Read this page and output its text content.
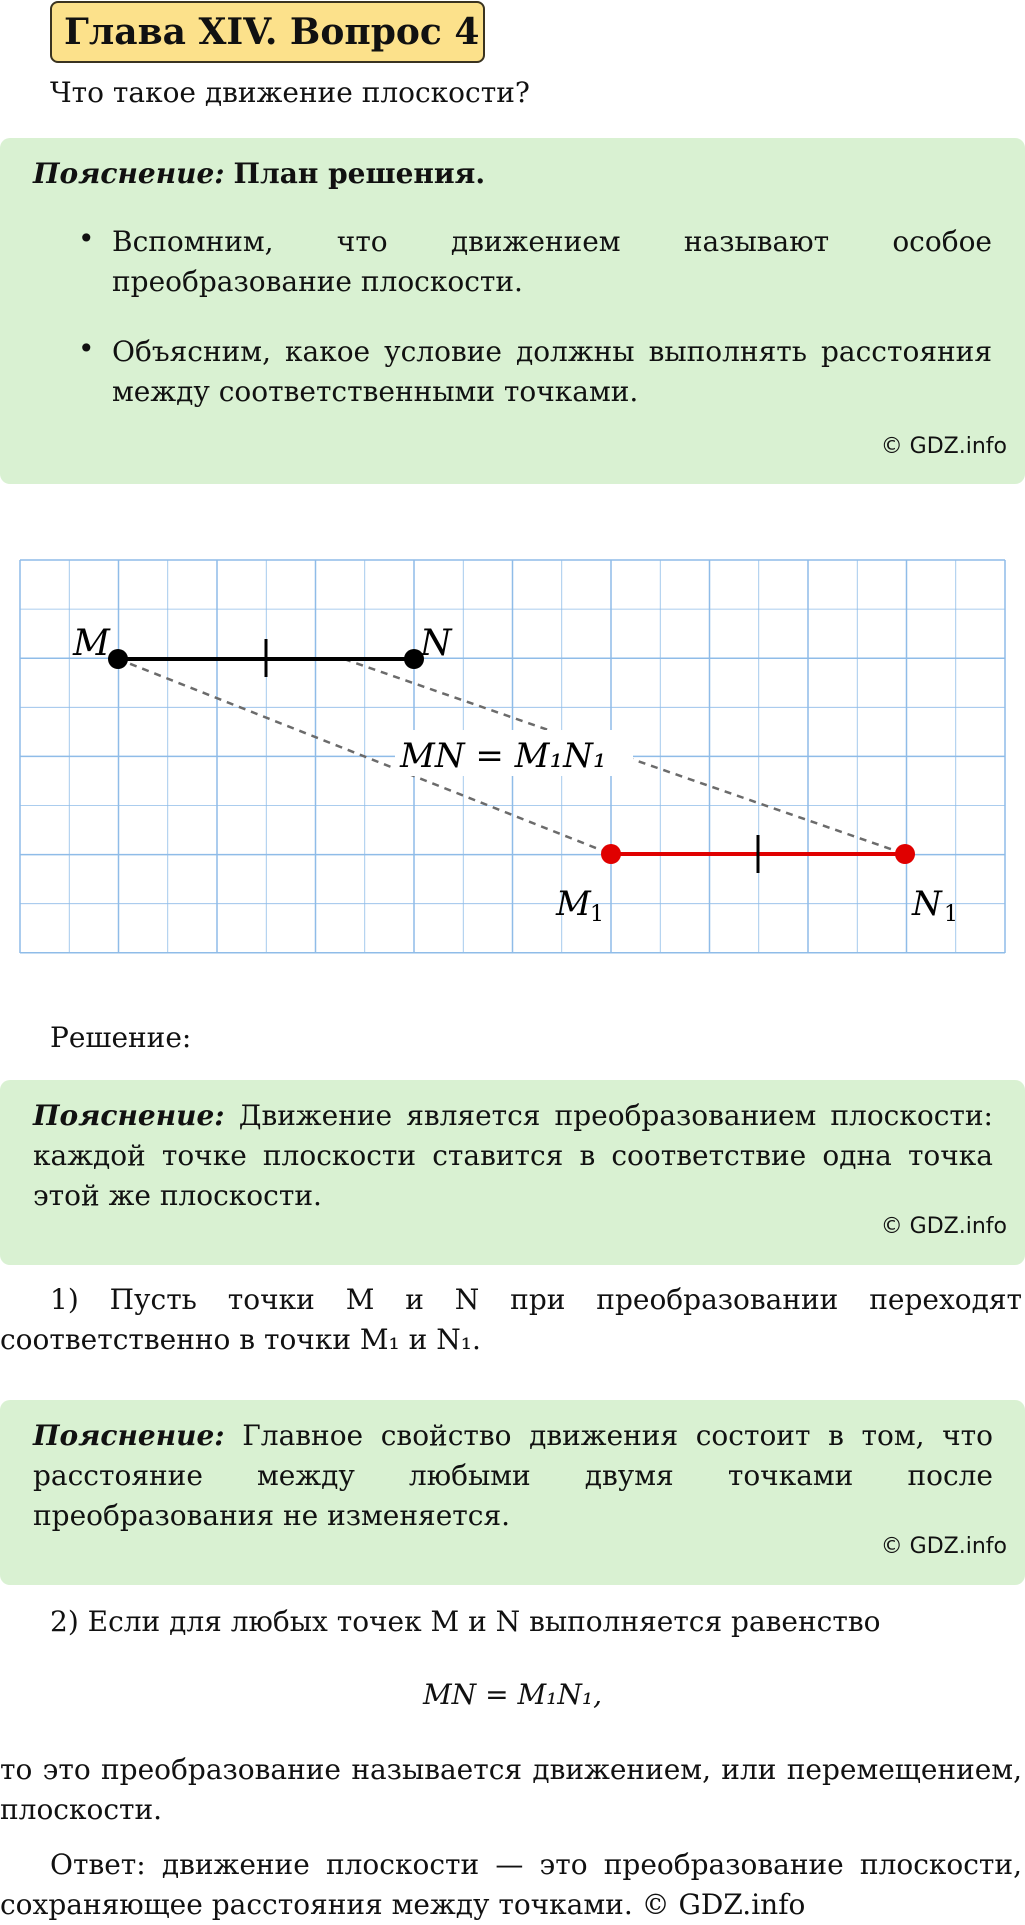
Глава XIV. Вопрос 4
Что такое движение плоскости?
Пояснение: План решения.
• Вспомним, что движением называют особое преобразование плоскости.
• Объясним, какое условие должны выполнять расстояния между соответственными точками.
© GDZ.info
M	N
M 1	N 1
MN = M₁N₁
Решение:
Пояснение: Движение является преобразованием плоскости: каждой точке плоскости ставится в соответствие одна точка этой же плоскости.
© GDZ.info
1) Пусть точки M и N при преобразовании переходят соответственно в точки M₁ и N₁.
Пояснение: Главное свойство движения состоит в том, что расстояние между любыми двумя точками после преобразования не изменяется.
© GDZ.info
2) Если для любых точек M и N выполняется равенство
MN = M₁N₁,
то это преобразование называется движением, или перемещением, плоскости.
Ответ: движение плоскости — это преобразование плоскости, сохраняющее расстояния между точками. © GDZ.info
